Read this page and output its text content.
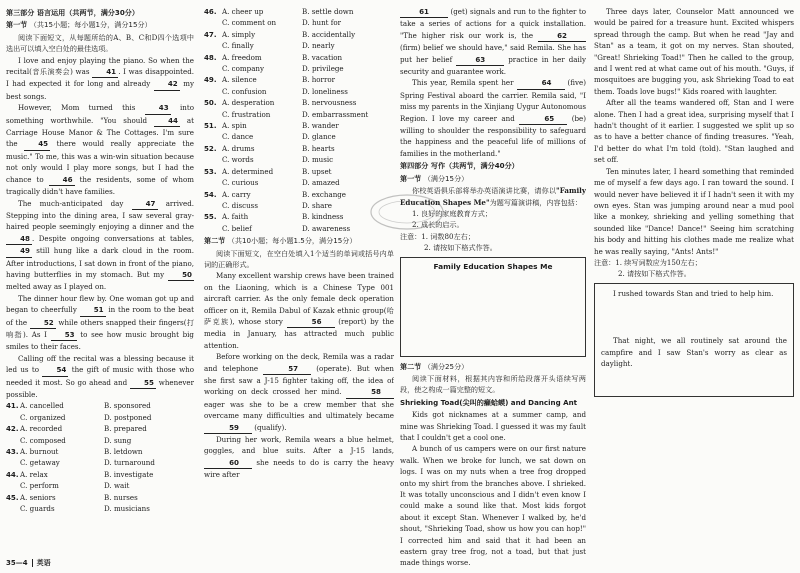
第三部分 语言运用（共两节，满分30分）
第一节 （共15小题；每小题1分，满分15分）

阅读下面短文，从每题所给的A、B、C和D四个选项中选出可以填入空白处的最佳选项。

I love and enjoy playing the piano. So when the recital(音乐演奏会) was 41 . I was disappointed. I had expected it for long and already 42 my best songs.

However, Mom turned this	43 into something worthwhile. "You should	44 at Carriage House Manor & The Cottages. I'm sure the	45 there would really appreciate the music." To me, this was a win-win situation because not only would I play more songs, but I had the chance to	46 the residents, some of whom tragically didn't have families.

The much-anticipated day	47 arrived. Stepping into the dining area, I saw several gray-haired people seemingly enjoying a dinner and the 48 . Despite ongoing conversations at tables, 49 still hung like a dark cloud in the room. After introductions, I sat down in front of the piano, having butterflies in my stomach. But my	50 melted away as I played on.

The dinner hour flew by. One woman got up and began to cheerfully 51 in the room to the beat of the 52 while others snapped their fingers(打响指). As I 53 to see how music brought big smiles to their faces.

Calling off the recital was a blessing because it led us to 54 the gift of music with those who needed it most. So go ahead and 55 whenever possible.

41. A. cancelled	B. sponsored
C. organized	D. postponed
42. A. recorded	B. prepared
C. composed	D. sung
43. A. burnout	B. letdown
C. getaway	D. turnaround
44. A. relax	B. investigate
C. perform	D. wait
45. A. seniors	B. nurses
C. guards	D. musicians
46. A. cheer up	B. settle down
C. comment on	D. hunt for
47. A. simply	B. accidentally
C. finally	D. nearly
48. A. freedom	B. vacation
C. company	D. privilege
49. A. silence	B. horror
C. confusion	D. loneliness
50. A. desperation	B. nervousness
C. frustration	D. embarrassment
51. A. spin	B. wander
C. dance	D. glance
52. A. drums	B. hearts
C. words	D. music
53. A. determined	B. upset
C. curious	D. amazed
54. A. carry	B. exchange
C. discuss	D. share
55. A. faith	B. kindness
C. belief	D. awareness
第二节 （共10小题；每小题1.5分，满分15分）

阅读下面短文，在空白处填入1个适当的单词或括号内单词的正确形式。

Many excellent warship crews have been trained on the Liaoning, which is a Chinese Type 001 aircraft carrier. As the only female deck operation officer on it, Remila Dabul of Kazak ethnic group(哈萨克族), whose story	56 (report) by the media in January, has attracted much public attention.

Before working on the deck, Remila was a radar and telephone	57	(operate). But when she first saw a J-15 fighter taking off, the idea of working on deck crossed her mind.	58 eager was she to be a crew member that she overcame many difficulties and ultimately became 59 (qualify).

During her work, Remila wears a blue helmet, goggles, and blue suits. After a J-15 lands, 60 she needs to do is carry the heavy wire after

61	(get) signals and run to the fighter to take a series of actions for a quick installation. "The higher risk our work is, the	62 (firm) belief we should have," said Remila. She has put her belief	63	practice in her daily security and guarantee work.

This year, Remila spent her	64 (five) Spring Festival aboard the carrier. Remila said, "I miss my parents in the Xinjiang Uygur Autonomous Region. I love my career and	65 (be) willing to shoulder the responsibility to safeguard the happiness and the peaceful life of millions of families in the motherland."

第四部分 写作（共两节，满分40分）
第一节 （满分15分）

你校英语俱乐部将举办英语演讲比赛，请你以"Family Education Shapes Me"为题写篇演讲稿，内容包括：

1. 良好的家庭教育方式；

2. 成长的启示。

注意：1. 词数80左右；

2. 请按如下格式作答。

Family Education Shapes Me
第二节 （满分25分）

阅读下面材料，根据其内容和所给段落开头语续写两段，使之构成一篇完整的短文。

Shrieking Toad(尖叫的癞蛤蟆) and Dancing Ant

Kids got nicknames at a summer camp, and mine was Shrieking Toad. I guessed it was my fault that I couldn't get a cool one.

A bunch of us campers were on our first nature walk. When we broke for lunch, we sat down on logs. I was on my nuts when a tree frog dropped onto my shirt from the branches above. I shrieked. It was totally unconscious and I didn't even know I could make a sound like that. Most kids forgot about it except Stan. Whenever I walked by, he'd shout, "Shrieking Toad, show us how you can hop!" I corrected him and said that it had been an eastern gray tree frog, not a toad, but that just made things worse.

Three days later, Counselor Matt announced we would be paired for a treasure hunt. Excited whispers spread through the camp. But when he read "Jay and Stan" as a team, it got on my nerves. Stan shouted, "Great! Shrieking Toad!" Then he called to the group, and I went red at what came out of his mouth. "Guys, if mosquitoes are bugging you, ask Shrieking Toad to eat them. Toads love bugs!" Kids roared with laughter.

After all the teams wandered off, Stan and I were alone. Then I had a great idea, surprising myself that I hadn't thought of it earlier. I suggested we split up so as to have a better chance of finding treasures. "Yeah, I'd better do what I'm told (told). "Stan laughed and set off.

Ten minutes later, I heard something that reminded me of myself a few days ago. I ran toward the sound. I would never have believed it if I hadn't seen it with my own eyes. Stan was jumping around near a mud pool like a monkey, shrieking and yelling something that sounded like "Dance! Dance!" Seeing him scratching his body and hitting his clothes made me realize what he was really saying, "Ants! Ants!"

注意：1. 续写词数应为150左右；

2. 请按如下格式作答。

I rushed towards Stan and tried to help him.

That night, we all routinely sat around the campfire and I saw Stan's worry as clear as daylight.

35—4 英语
